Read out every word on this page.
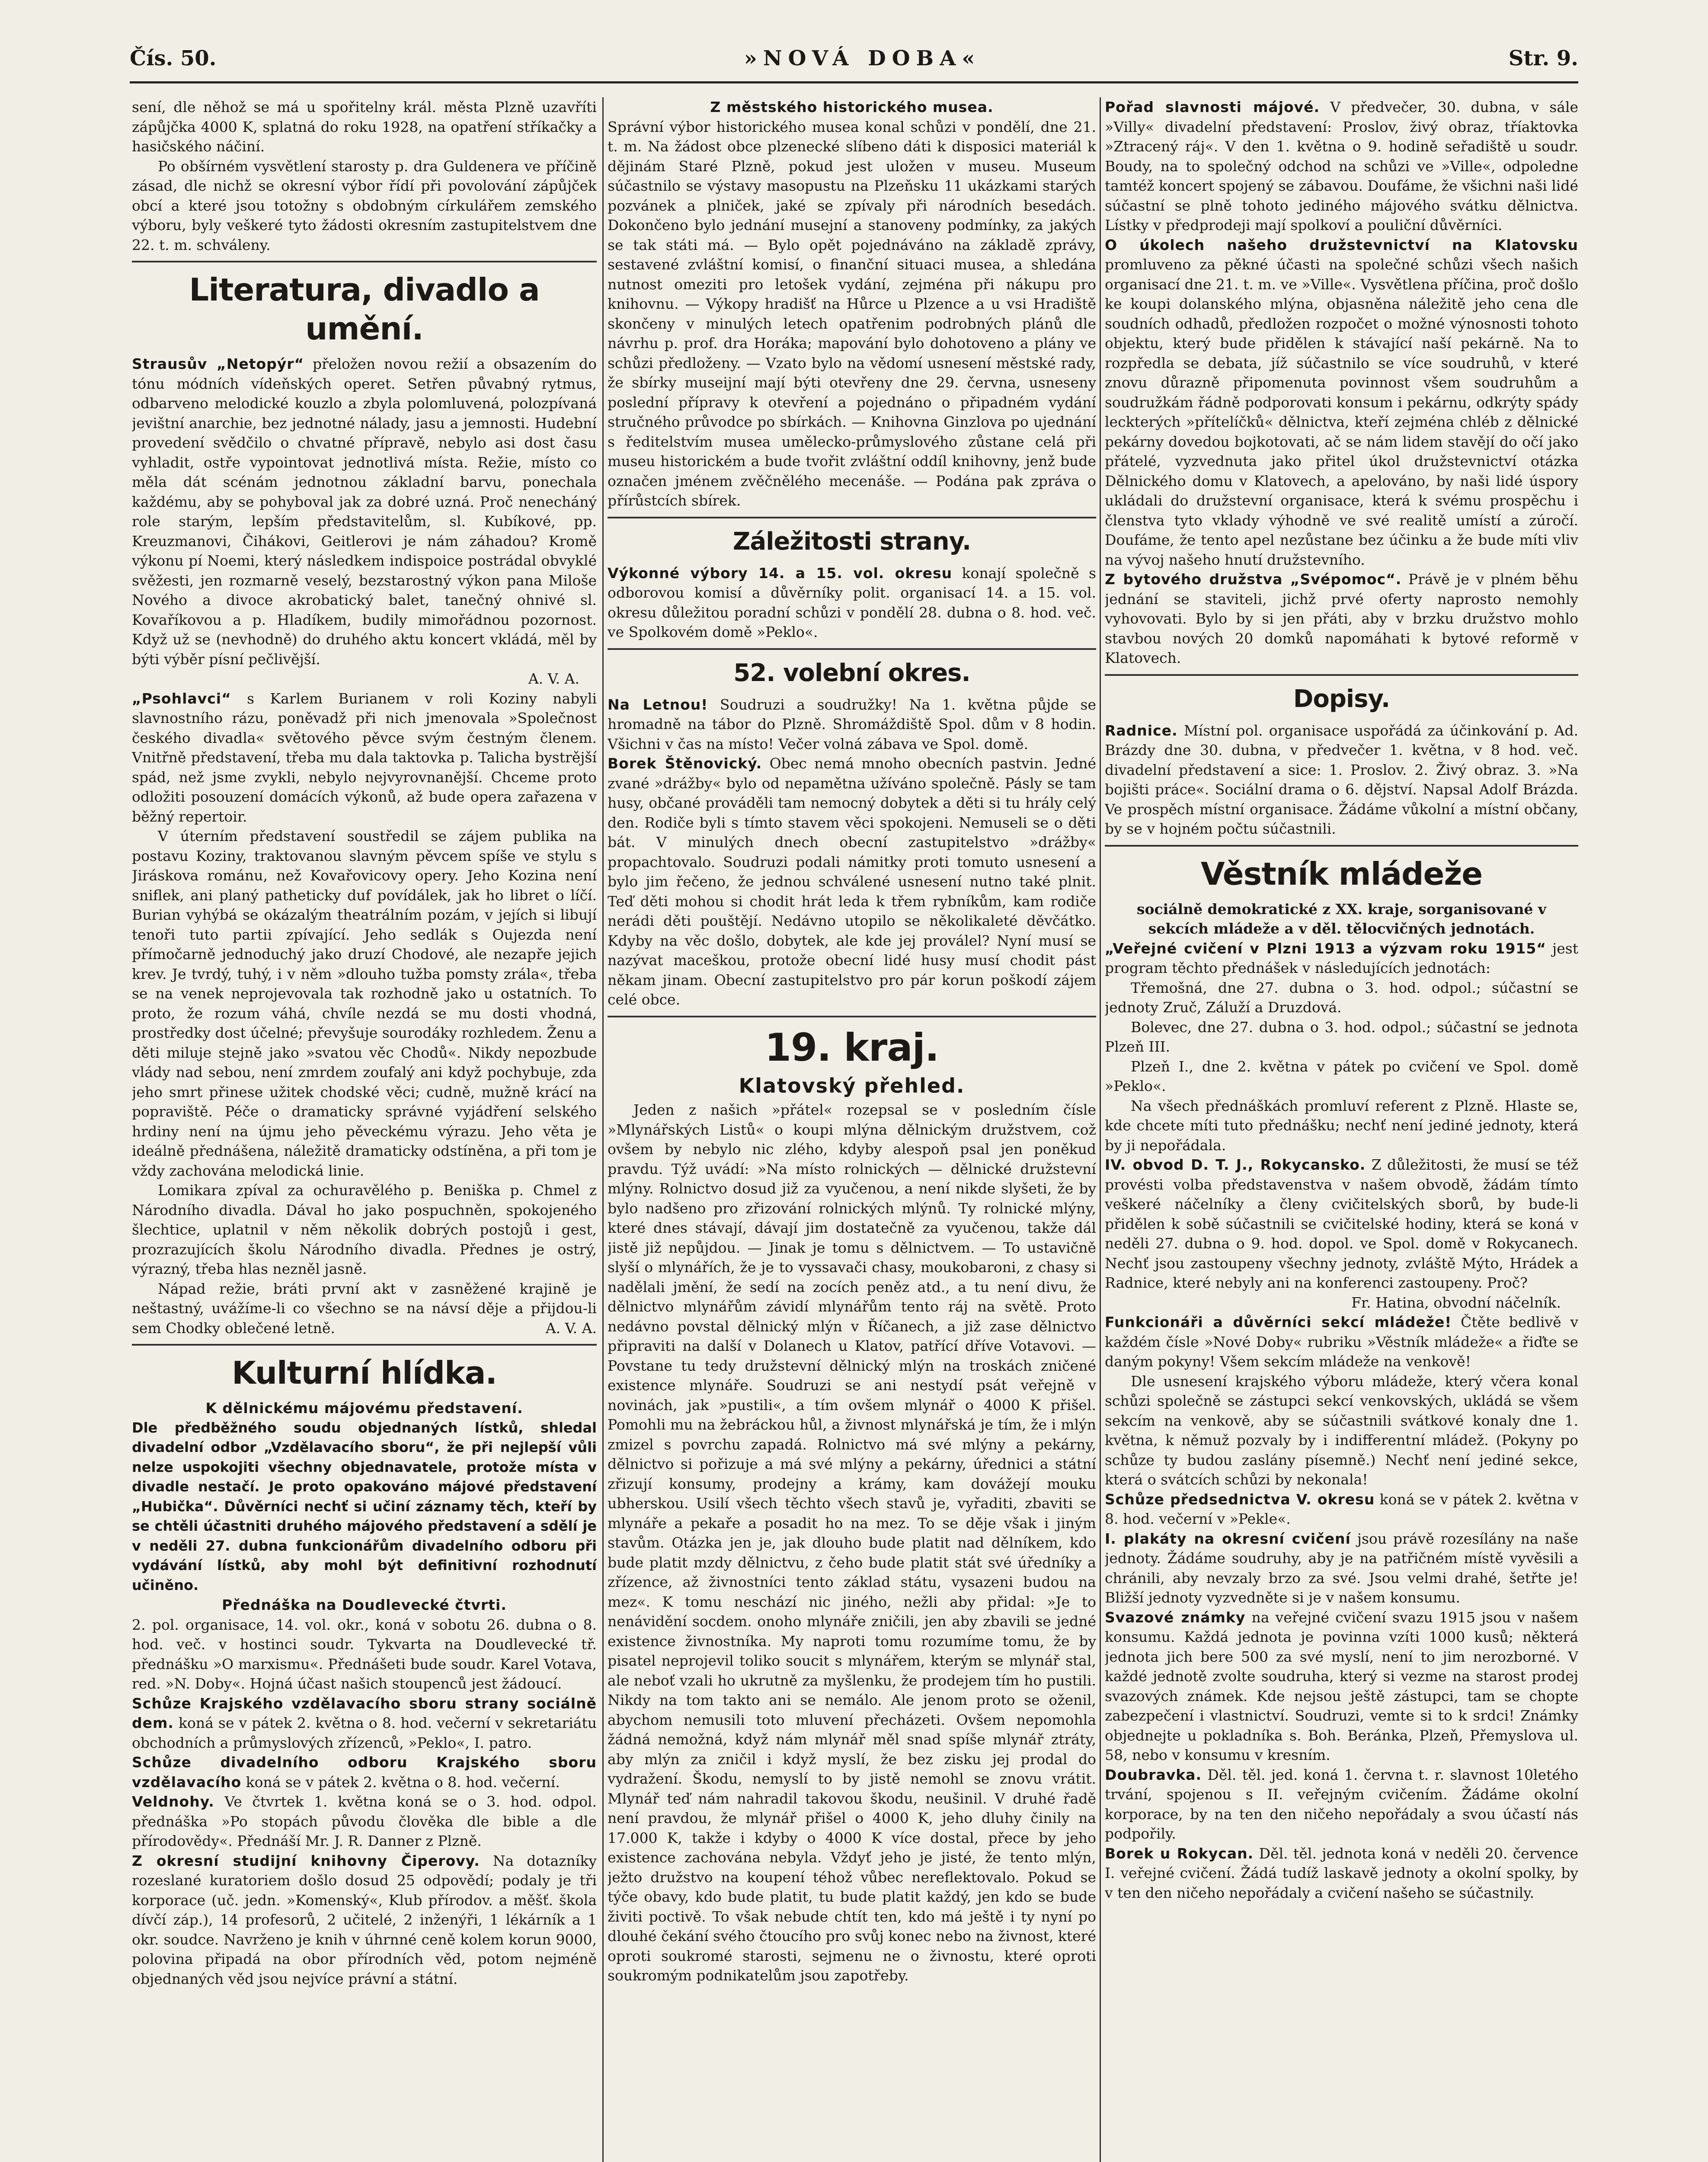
Čís. 50.	»NOVÁ DOBA«	Str. 9.

sení, dle něhož se má u spořitelny král. města Plzně uzavříti zápůjčka 4000 K, splatná do roku 1928, na opatření stříkačky a hasičského náčiní.

Po obšírném vysvětlení starosty p. dra Guldenera ve příčině zásad, dle nichž se okresní výbor řídí při povolování zápůjček obcí a které jsou totožny s obdobným církulářem zemského výboru, byly veškeré tyto žádosti okresním zastupitelstvem dne 22. t. m. schváleny.

Literatura, divadlo a umění.

Strausův „Netopýr“ přeložen novou režií a obsazením do tónu módních vídeňských operet. Setřen půvabný rytmus, odbarveno melodické kouzlo a zbyla polomluvená, polozpívaná jevištní anarchie, bez jednotné nálady, jasu a jemnosti. Hudební provedení svědčilo o chvatné přípravě, nebylo asi dost času vyhladit, ostře vypointovat jednotlivá místa. Režie, místo co měla dát scénám jednotnou základní barvu, ponechala každému, aby se pohyboval jak za dobré uzná. Proč nenecháný role starým, lepším představitelům, sl. Kubíkové, pp. Kreuzmanovi, Čihákovi, Geitlerovi je nám záhadou? Kromě výkonu pí Noemi, který následkem indispoice postrádal obvyklé svěžesti, jen rozmarně veselý, bezstarostný výkon pana Miloše Nového a divoce akrobatický balet, tanečný ohnivé sl. Kovaříkovou a p. Hladíkem, budily mimořádnou pozornost. Když už se (nevhodně) do druhého aktu koncert vkládá, měl by býti výběr písní pečlivější.

A. V. A.

„Psohlavci“ s Karlem Burianem v roli Koziny nabyli slavnostního rázu, poněvadž při nich jmenovala »Společnost českého divadla« světového pěvce svým čestným členem. Vnitřně představení, třeba mu dala taktovka p. Talicha bystrější spád, než jsme zvykli, nebylo nejvyrovnanější. Chceme proto odložiti posouzení domácích výkonů, až bude opera zařazena v běžný repertoir.

V úterním představení soustředil se zájem publika na postavu Koziny, traktovanou slavným pěvcem spíše ve stylu s Jiráskova románu, než Kovařovicovy opery. Jeho Kozina není sniflek, ani planý patheticky duf povídálek, jak ho libret o líčí. Burian vyhýbá se okázalým theatrálním pozám, v jejích si libují tenoři tuto partii zpívající. Jeho sedlák s Oujezda není přímočarně jednoduchý jako druzí Chodové, ale nezapře jejich krev. Je tvrdý, tuhý, i v něm »dlouho tužba pomsty zrála«, třeba se na venek neprojevovala tak rozhodně jako u ostatních. To proto, že rozum váhá, chvíle nezdá se mu dosti vhodná, prostředky dost účelné; převyšuje sourodáky rozhledem. Ženu a děti miluje stejně jako »svatou věc Chodů«. Nikdy nepozbude vlády nad sebou, není zmrdem zoufalý ani když pochybuje, zda jeho smrt přinese užitek chodské věci; cudně, mužně krácí na popraviště. Péče o dramaticky správné vyjádření selského hrdiny není na újmu jeho pěveckému výrazu. Jeho věta je ideálně přednášena, náležitě dramaticky odstíněna, a při tom je vždy zachována melodická linie.

Lomikara zpíval za ochuravělého p. Beniška p. Chmel z Národního divadla. Dával ho jako pospuchněn, spokojeného šlechtice, uplatnil v něm několik dobrých postojů i gest, prozrazujících školu Národního divadla. Přednes je ostrý, výrazný, třeba hlas nezněl jasně.

Nápad režie, bráti první akt v zasněžené krajině je neštastný, uvážíme-li co všechno se na návsí děje a přijdou-li sem Chodky oblečené letně.	A. V. A.

Kulturní hlídka.

K dělnickému májovému představení.

Dle předběžného soudu objednaných lístků, shledal divadelní odbor „Vzdělavacího sboru“, že při nejlepší vůli nelze uspokojiti všechny objednavatele, protože místa v divadle nestačí. Je proto opakováno májové představení „Hubička“. Důvěrníci nechť si učiní záznamy těch, kteří by se chtěli účastniti druhého májového představení a sdělí je v neděli 27. dubna funkcionářům divadelního odboru při vydávání lístků, aby mohl být definitivní rozhodnutí učiněno.

Přednáška na Doudlevecké čtvrti.

2. pol. organisace, 14. vol. okr., koná v sobotu 26. dubna o 8. hod. več. v hostinci soudr. Tykvarta na Doudlevecké tř. přednášku »O marxismu«. Přednášeti bude soudr. Karel Votava, red. »N. Doby«. Hojná účast našich stoupenců jest žádoucí.

Schůze Krajského vzdělavacího sboru strany sociálně dem. koná se v pátek 2. května o 8. hod. večerní v sekretariátu obchodních a průmyslových zřízenců, »Peklo«, I. patro.

Schůze divadelního odboru Krajského sboru vzdělavacího koná se v pátek 2. května o 8. hod. večerní.

Veldnohy. Ve čtvrtek 1. května koná se o 3. hod. odpol. přednáška »Po stopách původu člověka dle bible a dle přírodovědy«. Přednáší Mr. J. R. Danner z Plzně.

Z okresní studijní knihovny Čiperovy. Na dotazníky rozeslané kuratoriem došlo dosud 25 odpovědí; podaly je tři korporace (uč. jedn. »Komenský«, Klub přírodov. a měšť. škola dívčí záp.), 14 profesorů, 2 učitelé, 2 inženýři, 1 lékárník a 1 okr. soudce. Navrženo je knih v úhrnné ceně kolem korun 9000, polovina připadá na obor přírodních věd, potom nejméně objednaných věd jsou nejvíce právní a státní.

Z městského historického musea.

Správní výbor historického musea konal schůzi v pondělí, dne 21. t. m. Na žádost obce plzenecké slíbeno dáti k disposici materiál k dějinám Staré Plzně, pokud jest uložen v museu. Museum súčastnilo se výstavy masopustu na Plzeňsku 11 ukázkami starých pozvánek a plniček, jaké se zpívaly při národních besedách. Dokončeno bylo jednání musejní a stanoveny podmínky, za jakých se tak státi má. — Bylo opět pojednáváno na základě zprávy, sestavené zvláštní komisí, o finanční situaci musea, a shledána nutnost omeziti pro letošek vydání, zejména při nákupu pro knihovnu. — Výkopy hradišť na Hůrce u Plzence a u vsi Hradiště skončeny v minulých letech opatřenim podrobných plánů dle návrhu p. prof. dra Horáka; mapování bylo dohotoveno a plány ve schůzi předloženy. — Vzato bylo na vědomí usnesení městské rady, že sbírky museijní mají býti otevřeny dne 29. června, usneseny poslední přípravy k otevření a pojednáno o připadném vydání stručného průvodce po sbírkách. — Knihovna Ginzlova po ujednání s ředitelstvím musea umělecko-průmyslového zůstane celá při museu historickém a bude tvořit zvláštní oddíl knihovny, jenž bude označen jménem zvěčnělého mecenáše. — Podána pak zpráva o přírůstcích sbírek.

Záležitosti strany.

Výkonné výbory 14. a 15. vol. okresu konají společně s odborovou komisí a důvěrníky polit. organisací 14. a 15. vol. okresu důležitou poradní schůzi v pondělí 28. dubna o 8. hod. več. ve Spolkovém domě »Peklo«.

52. volební okres.

Na Letnou! Soudruzi a soudružky! Na 1. května půjde se hromadně na tábor do Plzně. Shromáždiště Spol. dům v 8 hodin. Všichni v čas na místo! Večer volná zábava ve Spol. domě.

Borek Štěnovický. Obec nemá mnoho obecních pastvin. Jedné zvané »drážby« bylo od nepamětna užíváno společně. Pásly se tam husy, občané prováděli tam nemocný dobytek a děti si tu hrály celý den. Rodiče byli s tímto stavem věci spokojeni. Nemuseli se o děti bát. V minulých dnech obecní zastupitelstvo »drážby« propachtovalo. Soudruzi podali námitky proti tomuto usnesení a bylo jim řečeno, že jednou schválené usnesení nutno také plnit. Teď děti mohou si chodit hrát leda k třem rybníkům, kam rodiče nerádi děti pouštějí. Nedávno utopilo se několikaleté děvčátko. Kdyby na věc došlo, dobytek, ale kde jej proválel? Nyní musí se nazývat maceškou, protože obecní lidé husy musí chodit pást někam jinam. Obecní zastupitelstvo pro pár korun poškodí zájem celé obce.

19. kraj.
Klatovský přehled.

Jeden z našich »přátel« rozepsal se v posledním čísle »Mlynářských Listů« o koupi mlýna dělnickým družstvem, což ovšem by nebylo nic zlého, kdyby alespoň psal jen poněkud pravdu. Týž uvádí: »Na místo rolnických — dělnické družstevní mlýny. Rolnictvo dosud již za vyučenou, a není nikde slyšeti, že by bylo nadšeno pro zřizování rolnických mlýnů. Ty rolnické mlýny, které dnes stávají, dávají jim dostatečně za vyučenou, takže dál jistě již nepůjdou. — Jinak je tomu s dělnictvem. — To ustavičně slyší o mlynářích, že je to vyssavači chasy, moukobaroni, z chasy si nadělali jmění, že sedí na zocích peněz atd., a tu není divu, že dělnictvo mlynářům závidí mlynářům tento ráj na světě. Proto nedávno povstal dělnický mlýn v Říčanech, a již zase dělnictvo připraviti na další v Dolanech u Klatov, patřící dříve Votavovi. — Povstane tu tedy družstevní dělnický mlýn na troskách zničené existence mlynáře. Soudruzi se ani nestydí psát veřejně v novinách, jak »pustili«, a tím ovšem mlynář o 4000 K přišel. Pomohli mu na žebráckou hůl, a živnost mlynářská je tím, že i mlýn zmizel s povrchu zapadá. Rolnictvo má své mlýny a pekárny, dělnictvo si pořizuje a má své mlýny a pekárny, úřednici a státní zřizují konsumy, prodejny a krámy, kam dovážejí mouku ubherskou. Usilí všech těchto všech stavů je, vyřaditi, zbaviti se mlynáře a pekaře a posadit ho na mez. To se děje však i jiným stavům. Otázka jen je, jak dlouho bude platit nad dělníkem, kdo bude platit mzdy dělnictvu, z čeho bude platit stát své úředníky a zřízence, až živnostníci tento základ státu, vysazeni budou na mez«. K tomu neschází nic jiného, nežli aby přidal: »Je to nenávidění socdem. onoho mlynáře zničili, jen aby zbavili se jedné existence živnostníka. My naproti tomu rozumíme tomu, že by pisatel neprojevil toliko soucit s mlynářem, kterým se mlynář stal, ale neboť vzali ho ukrutně za myšlenku, že prodejem tím ho pustili. Nikdy na tom takto ani se nemálo. Ale jenom proto se oženil, abychom nemusili toto mluvení přecházeti. Ovšem nepomohla žádná nemožná, když nám mlynář měl snad spíše mlynář ztráty, aby mlýn za zničil i když myslí, že bez zisku jej prodal do vydražení. Škodu, nemyslí to by jistě nemohl se znovu vrátit. Mlynář teď nám nahradil takovou škodu, neušinil. V druhé řadě není pravdou, že mlynář přišel o 4000 K, jeho dluhy činily na 17.000 K, takže i kdyby o 4000 K více dostal, přece by jeho existence zachována nebyla. Vždyť jeho je jisté, že tento mlýn, ježto družstvo na koupení téhož vůbec nereflektovalo. Pokud se týče obavy, kdo bude platit, tu bude platit každý, jen kdo se bude živiti poctivě. To však nebude chtít ten, kdo má ještě i ty nyní po dlouhé čekání svého čtoucího pro svůj konec nebo na živnost, které oproti soukromé starosti, sejmenu ne o živnostu, které oproti soukromým podnikatelům jsou zapotřeby.

Pořad slavnosti májové. V předvečer, 30. dubna, v sále »Villy« divadelní představení: Proslov, živý obraz, tříaktovka »Ztracený ráj«. V den 1. května o 9. hodině seřadiště u soudr. Boudy, na to společný odchod na schůzi ve »Ville«, odpoledne tamtéž koncert spojený se zábavou. Doufáme, že všichni naši lidé súčastní se plně tohoto jediného májového svátku dělnictva. Lístky v předprodeji mají spolkoví a pouliční důvěrníci.

O úkolech našeho družstevnictví na Klatovsku promluveno za pěkné účasti na společné schůzi všech našich organisací dne 21. t. m. ve »Ville«. Vysvětlena příčina, proč došlo ke koupi dolanského mlýna, objasněna náležitě jeho cena dle soudních odhadů, předložen rozpočet o možné výnosnosti tohoto objektu, který bude přidělen k stávající naší pekárně. Na to rozpředla se debata, jíž súčastnilo se více soudruhů, v které znovu důrazně připomenuta povinnost všem soudruhům a soudružkám řádně podporovati konsum i pekárnu, odkrýty spády leckterých »přítelíčků« dělnictva, kteří zejména chléb z dělnické pekárny dovedou bojkotovati, ač se nám lidem stavějí do očí jako přátelé, vyzvednuta jako přitel úkol družstevnictví otázka Dělnického domu v Klatovech, a apelováno, by naši lidé úspory ukládali do družstevní organisace, která k svému prospěchu i členstva tyto vklady výhodně ve své realitě umístí a zúročí. Doufáme, že tento apel nezůstane bez účinku a že bude míti vliv na vývoj našeho hnutí družstevního.

Z bytového družstva „Svépomoc“. Právě je v plném běhu jednání se staviteli, jichž prvé oferty naprosto nemohly vyhovovati. Bylo by si jen přáti, aby v brzku družstvo mohlo stavbou nových 20 domků napomáhati k bytové reformě v Klatovech.

Dopisy.

Radnice. Místní pol. organisace uspořádá za účinkování p. Ad. Brázdy dne 30. dubna, v předvečer 1. května, v 8 hod. več. divadelní představení a sice: 1. Proslov. 2. Živý obraz. 3. »Na bojišti práce«. Sociální drama o 6. dějství. Napsal Adolf Brázda. Ve prospěch místní organisace. Žádáme vůkolní a místní občany, by se v hojném počtu súčastnili.

Věstník mládeže

sociálně demokratické z XX. kraje, sorganisované v sekcích mládeže a v děl. tělocvičných jednotách.

„Veřejné cvičení v Plzni 1913 a výzvam roku 1915“ jest program těchto přednášek v následujících jednotách:

Třemošná, dne 27. dubna o 3. hod. odpol.; súčastní se jednoty Zruč, Záluží a Druzdová.

Bolevec, dne 27. dubna o 3. hod. odpol.; súčastní se jednota Plzeň III.

Plzeň I., dne 2. května v pátek po cvičení ve Spol. domě »Peklo«.

Na všech přednáškách promluví referent z Plzně. Hlaste se, kde chcete míti tuto přednášku; nechť není jediné jednoty, která by ji nepořádala.

IV. obvod D. T. J., Rokycansko. Z důležitosti, že musí se též provésti volba představenstva v našem obvodě, žádám tímto veškeré náčelníky a členy cvičitelských sborů, by bude-li přidělen k sobě súčastnili se cvičitelské hodiny, která se koná v neděli 27. dubna o 9. hod. dopol. ve Spol. domě v Rokycanech. Nechť jsou zastoupeny všechny jednoty, zvláště Mýto, Hrádek a Radnice, které nebyly ani na konferenci zastoupeny. Proč?

Fr. Hatina, obvodní náčelník.

Funkcionáři a důvěrníci sekcí mládeže! Čtěte bedlivě v každém čísle »Nové Doby« rubriku »Věstník mládeže« a řiďte se daným pokyny! Všem sekcím mládeže na venkově!

Dle usnesení krajského výboru mládeže, který včera konal schůzi společně se zástupci sekcí venkovských, ukládá se všem sekcím na venkově, aby se súčastnili svátkové konaly dne 1. května, k němuž pozvaly by i indifferentní mládež. (Pokyny po schůze ty budou zaslány písemně.) Nechť není jediné sekce, která o svátcích schůzi by nekonala!

Schůze předsednictva V. okresu koná se v pátek 2. května v 8. hod. večerní v »Pekle«.

I. plakáty na okresní cvičení jsou právě rozesílány na naše jednoty. Žádáme soudruhy, aby je na patřičném místě vyvěsili a chránili, aby nevzaly brzo za své. Jsou velmi drahé, šetřte je! Bližší jednoty vyzvedněte si je v našem konsumu.

Svazové známky na veřejné cvičení svazu 1915 jsou v našem konsumu. Každá jednota je povinna vzíti 1000 kusů; některá jednota jich bere 500 za své myslí, není to jim nerozborné. V každé jednotě zvolte soudruha, který si vezme na starost prodej svazových známek. Kde nejsou ještě zástupci, tam se chopte zabezpečení i vlastnictví. Soudruzi, vemte si to k srdci! Známky objednejte u pokladníka s. Boh. Beránka, Plzeň, Přemyslova ul. 58, nebo v konsumu v kresním.

Doubravka. Děl. těl. jed. koná 1. června t. r. slavnost 10letého trvání, spojenou s II. veřejným cvičením. Žádáme okolní korporace, by na ten den ničeho nepořádaly a svou účastí nás podpořily.

Borek u Rokycan. Děl. těl. jednota koná v neděli 20. července I. veřejné cvičení. Žádá tudíž laskavě jednoty a okolní spolky, by v ten den ničeho nepořádaly a cvičení našeho se súčastnily.
